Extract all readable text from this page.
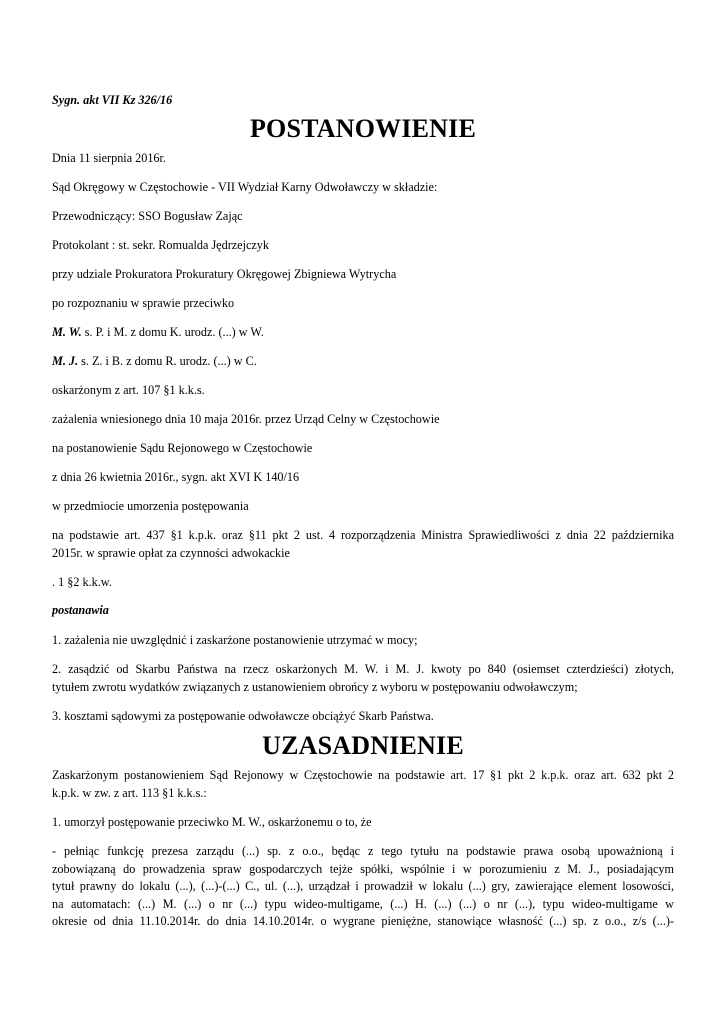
Sygn. akt VII Kz 326/16

POSTANOWIENIE

Dnia 11 sierpnia 2016r.

Sąd Okręgowy w Częstochowie - VII Wydział Karny Odwoławczy w składzie:

Przewodniczący: SSO Bogusław Zając

Protokolant : st. sekr. Romualda Jędrzejczyk

przy udziale Prokuratora Prokuratury Okręgowej Zbigniewa Wytrycha

po rozpoznaniu w sprawie przeciwko

M. W. s. P. i M. z domu K. urodz. (...) w W.

M. J. s. Z. i B. z domu R. urodz. (...) w C.

oskarżonym z art. 107 §1 k.k.s.

zażalenia wniesionego dnia 10 maja 2016r. przez Urząd Celny w Częstochowie

na postanowienie Sądu Rejonowego w Częstochowie

z dnia 26 kwietnia 2016r., sygn. akt XVI K 140/16

w przedmiocie umorzenia postępowania

na podstawie art. 437 §1 k.p.k. oraz §11 pkt 2 ust. 4 rozporządzenia Ministra Sprawiedliwości z dnia 22 października
2015r. w sprawie opłat za czynności adwokackie

. 1 §2 k.k.w.

postanawia

1. zażalenia nie uwzględnić i zaskarżone postanowienie utrzymać w mocy;

2. zasądzić od Skarbu Państwa na rzecz oskarżonych M. W. i M. J. kwoty po 840 (osiemset czterdzieści) złotych,
tytułem zwrotu wydatków związanych z ustanowieniem obrońcy z wyboru w postępowaniu odwoławczym;

3. kosztami sądowymi za postępowanie odwoławcze obciążyć Skarb Państwa.

UZASADNIENIE
Zaskarżonym postanowieniem Sąd Rejonowy w Częstochowie na podstawie art. 17 §1 pkt 2 k.p.k. oraz art. 632 pkt 2
k.p.k. w zw. z art. 113 §1 k.k.s.:

1. umorzył postępowanie przeciwko M. W., oskarżonemu o to, że

- pełniąc funkcję prezesa zarządu (...) sp. z o.o., będąc z tego tytułu na podstawie prawa osobą upoważnioną i
zobowiązaną do prowadzenia spraw gospodarczych tejże spółki, wspólnie i w porozumieniu z M. J., posiadającym
tytuł prawny do lokalu (...), (...)-(...) C., ul. (...), urządzał i prowadził w lokalu (...) gry, zawierające element losowości,
na automatach: (...) M. (...) o nr (...) typu wideo-multigame, (...) H. (...) (...) o nr (...), typu wideo-multigame w
okresie od dnia 11.10.2014r. do dnia 14.10.2014r. o wygrane pieniężne, stanowiące własność (...) sp. z o.o., z/s (...)-
